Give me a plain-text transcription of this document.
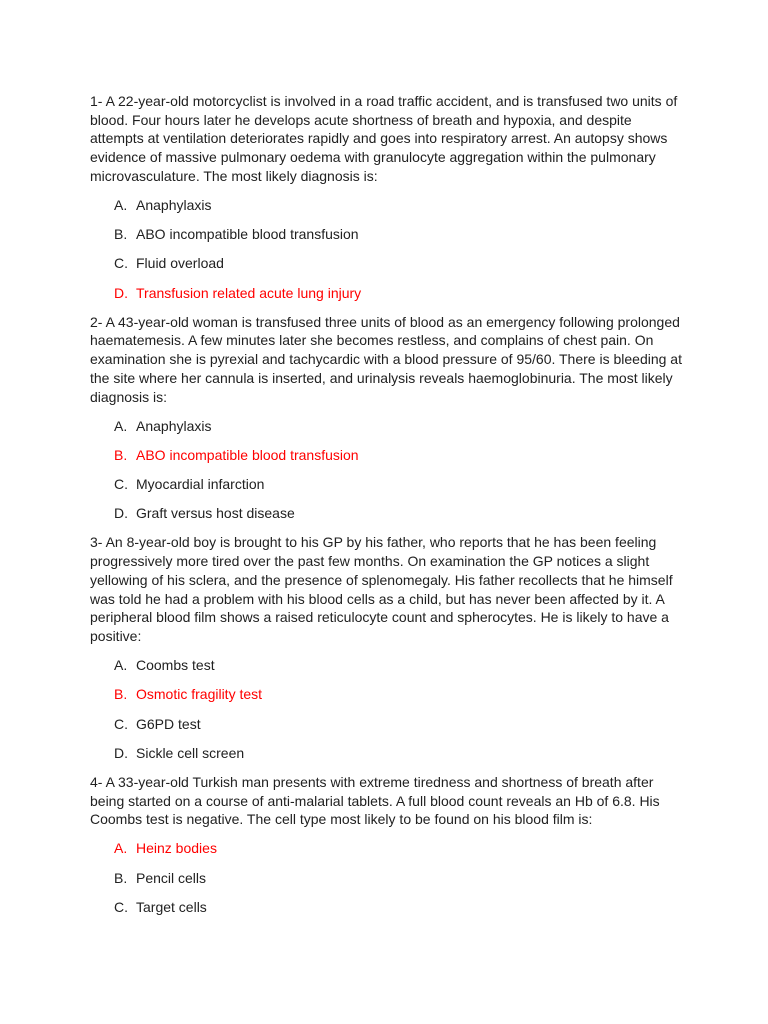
1- A 22-year-old motorcyclist is involved in a road traffic accident, and is transfused two units of
blood. Four hours later he develops acute shortness of breath and hypoxia, and despite
attempts at ventilation deteriorates rapidly and goes into respiratory arrest. An autopsy shows
evidence of massive pulmonary oedema with granulocyte aggregation within the pulmonary
microvasculature. The most likely diagnosis is:
A. Anaphylaxis
B. ABO incompatible blood transfusion
C. Fluid overload
D. Transfusion related acute lung injury
2- A 43-year-old woman is transfused three units of blood as an emergency following prolonged
haematemesis. A few minutes later she becomes restless, and complains of chest pain. On
examination she is pyrexial and tachycardic with a blood pressure of 95/60. There is bleeding at
the site where her cannula is inserted, and urinalysis reveals haemoglobinuria. The most likely
diagnosis is:
A. Anaphylaxis
B. ABO incompatible blood transfusion
C. Myocardial infarction
D. Graft versus host disease
3- An 8-year-old boy is brought to his GP by his father, who reports that he has been feeling
progressively more tired over the past few months. On examination the GP notices a slight
yellowing of his sclera, and the presence of splenomegaly. His father recollects that he himself
was told he had a problem with his blood cells as a child, but has never been affected by it. A
peripheral blood film shows a raised reticulocyte count and spherocytes. He is likely to have a
positive:
A. Coombs test
B. Osmotic fragility test
C. G6PD test
D. Sickle cell screen
4- A 33-year-old Turkish man presents with extreme tiredness and shortness of breath after
being started on a course of anti-malarial tablets. A full blood count reveals an Hb of 6.8. His
Coombs test is negative. The cell type most likely to be found on his blood film is:
A. Heinz bodies
B. Pencil cells
C. Target cells
